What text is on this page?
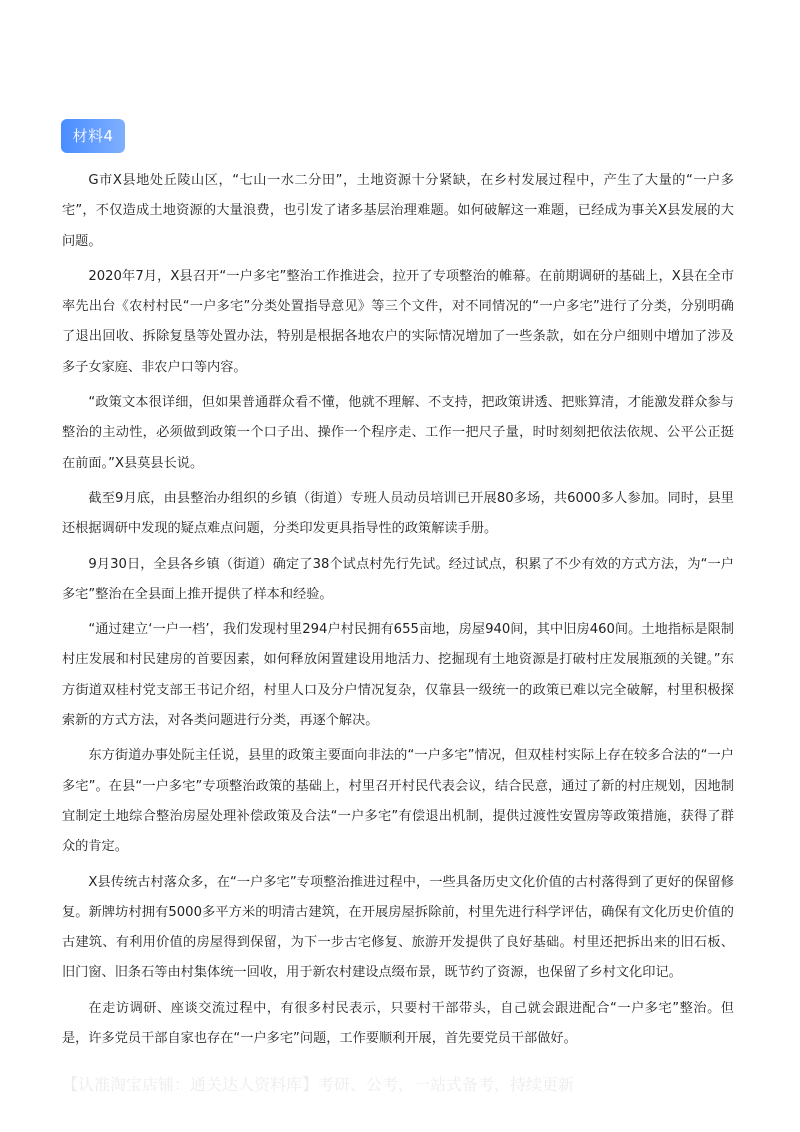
材料4

G市X县地处丘陵山区，“七山一水二分田”，土地资源十分紧缺，在乡村发展过程中，产生了大量的“一户多宅”，不仅造成土地资源的大量浪费，也引发了诸多基层治理难题。如何破解这一难题，已经成为事关X县发展的大问题。

2020年7月，X县召开“一户多宅”整治工作推进会，拉开了专项整治的帷幕。在前期调研的基础上，X县在全市率先出台《农村村民“一户多宅”分类处置指导意见》等三个文件，对不同情况的“一户多宅”进行了分类，分别明确了退出回收、拆除复垦等处置办法，特别是根据各地农户的实际情况增加了一些条款，如在分户细则中增加了涉及多子女家庭、非农户口等内容。

“政策文本很详细，但如果普通群众看不懂，他就不理解、不支持，把政策讲透、把账算清，才能激发群众参与整治的主动性，必须做到政策一个口子出、操作一个程序走、工作一把尺子量，时时刻刻把依法依规、公平公正挺在前面。”X县莫县长说。

截至9月底，由县整治办组织的乡镇（街道）专班人员动员培训已开展80多场，共6000多人参加。同时，县里还根据调研中发现的疑点难点问题，分类印发更具指导性的政策解读手册。

9月30日，全县各乡镇（街道）确定了38个试点村先行先试。经过试点，积累了不少有效的方式方法，为“一户多宅”整治在全县面上推开提供了样本和经验。

“通过建立‘一户一档’，我们发现村里294户村民拥有655亩地，房屋940间，其中旧房460间。土地指标是限制村庄发展和村民建房的首要因素，如何释放闲置建设用地活力、挖掘现有土地资源是打破村庄发展瓶颈的关键。”东方街道双桂村党支部王书记介绍，村里人口及分户情况复杂，仅靠县一级统一的政策已难以完全破解，村里积极探索新的方式方法，对各类问题进行分类，再逐个解决。

东方街道办事处阮主任说，县里的政策主要面向非法的“一户多宅”情况，但双桂村实际上存在较多合法的“一户多宅”。在县“一户多宅”专项整治政策的基础上，村里召开村民代表会议，结合民意，通过了新的村庄规划，因地制宜制定土地综合整治房屋处理补偿政策及合法“一户多宅”有偿退出机制，提供过渡性安置房等政策措施，获得了群众的肯定。

X县传统古村落众多，在“一户多宅”专项整治推进过程中，一些具备历史文化价值的古村落得到了更好的保留修复。新牌坊村拥有5000多平方米的明清古建筑，在开展房屋拆除前，村里先进行科学评估，确保有文化历史价值的古建筑、有利用价值的房屋得到保留，为下一步古宅修复、旅游开发提供了良好基础。村里还把拆出来的旧石板、旧门窗、旧条石等由村集体统一回收，用于新农村建设点缀布景，既节约了资源，也保留了乡村文化印记。

在走访调研、座谈交流过程中，有很多村民表示，只要村干部带头，自己就会跟进配合“一户多宅”整治。但是，许多党员干部自家也存在“一户多宅”问题，工作要顺利开展，首先要党员干部做好。

【认准淘宝店铺：通关达人资料库】考研、公考，一站式备考，持续更新
